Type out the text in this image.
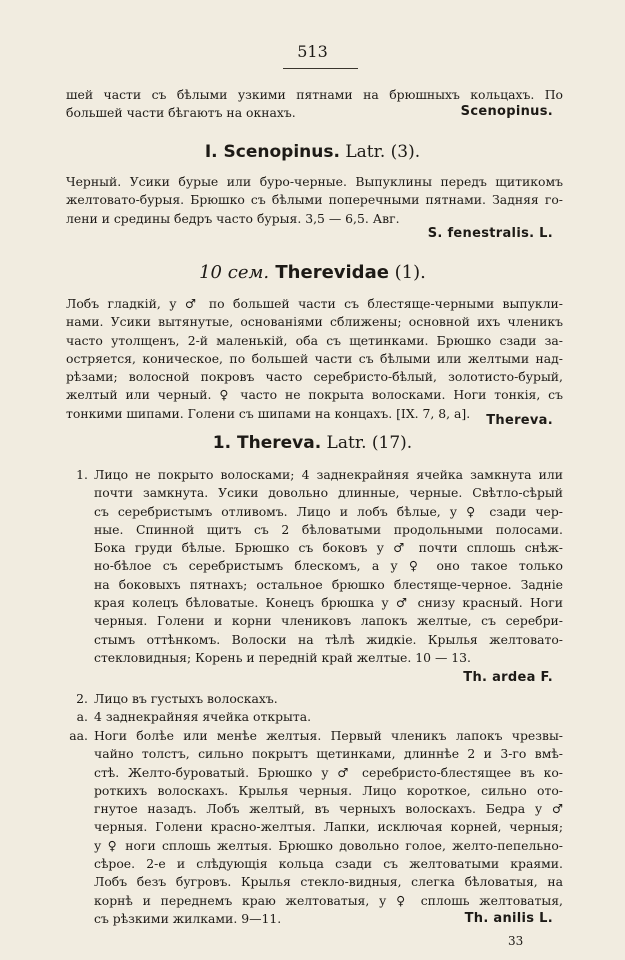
513
шей части съ бѣлыми узкими пятнами на брюшныхъ кольцахъ. По
большей части бѣгаютъ на окнахъ.	Scenopinus.
I. Scenopinus. Latr. (3).
Черный. Усики бурые или буро-черные. Выпуклины передъ щитикомъ
желтовато-бурыя. Брюшко съ бѣлыми поперечными пятнами. Задняя го-
лени и средины бедръ часто бурыя. 3,5 — 6,5. Авг.
S. fenestralis. L.
10 сем. Therevidae (1).
Лобъ гладкій, у ♂ по большей части съ блестяще-черными выпукли-
нами. Усики вытянутые, основаніями сближены; основной ихъ членикъ
часто утолщенъ, 2-й маленькій, оба съ щетинками. Брюшко сзади за-
остряется, коническое, по большей части съ бѣлыми или желтыми над-
рѣзами; волосной покровъ часто серебристо-бѣлый, золотисто-бурый,
желтый или черный. ♀ часто не покрыта волосками. Ноги тонкія, съ
тонкими шипами. Голени съ шипами на концахъ. [IX. 7, 8, a].	Thereva.
1. Thereva. Latr. (17).
1. Лицо не покрыто волосками; 4 заднекрайняя ячейка замкнута или
почти замкнута. Усики довольно длинные, черные. Свѣтло-сѣрый
съ серебристымъ отливомъ. Лицо и лобъ бѣлые, у ♀ сзади чер-
ные. Спинной щитъ съ 2 бѣловатыми продольными полосами.
Бока груди бѣлые. Брюшко съ боковъ у ♂ почти сплошь снѣж-
но-бѣлое съ серебристымъ блескомъ, а у ♀ оно такое только
на боковыхъ пятнахъ; остальное брюшко блестяще-черное. Задніе
края колецъ бѣловатые. Конецъ брюшка у ♂ снизу красный. Ноги
черныя. Голени и корни члениковъ лапокъ желтые, съ серебри-
стымъ оттѣнкомъ. Волоски на тѣлѣ жидкіе. Крылья желтовато-
стекловидныя; Корень и передній край желтые. 10 — 13.
Th. ardea F.
2. Лицо въ густыхъ волоскахъ.
a. 4 заднекрайняя ячейка открыта.
aa. Ноги болѣе или менѣе желтыя. Первый членикъ лапокъ чрезвы-
чайно толстъ, сильно покрытъ щетинками, длиннѣе 2 и 3-го вмѣ-
стѣ. Желто-буроватый. Брюшко у ♂ серебристо-блестящее въ ко-
роткихъ волоскахъ. Крылья черныя. Лицо короткое, сильно ото-
гнутое назадъ. Лобъ желтый, въ черныхъ волоскахъ. Бедра у ♂
черныя. Голени красно-желтыя. Лапки, исключая корней, черныя;
у ♀ ноги сплошь желтыя. Брюшко довольно голое, желто-пепельно-
сѣрое. 2-е и слѣдующія кольца сзади съ желтоватыми краями.
Лобъ безъ бугровъ. Крылья стекло-видныя, слегка бѣловатыя, на
корнѣ и переднемъ краю желтоватыя, у ♀ сплошь желтоватыя,
съ рѣзкими жилками. 9—11.	Th. anilis L.
33
